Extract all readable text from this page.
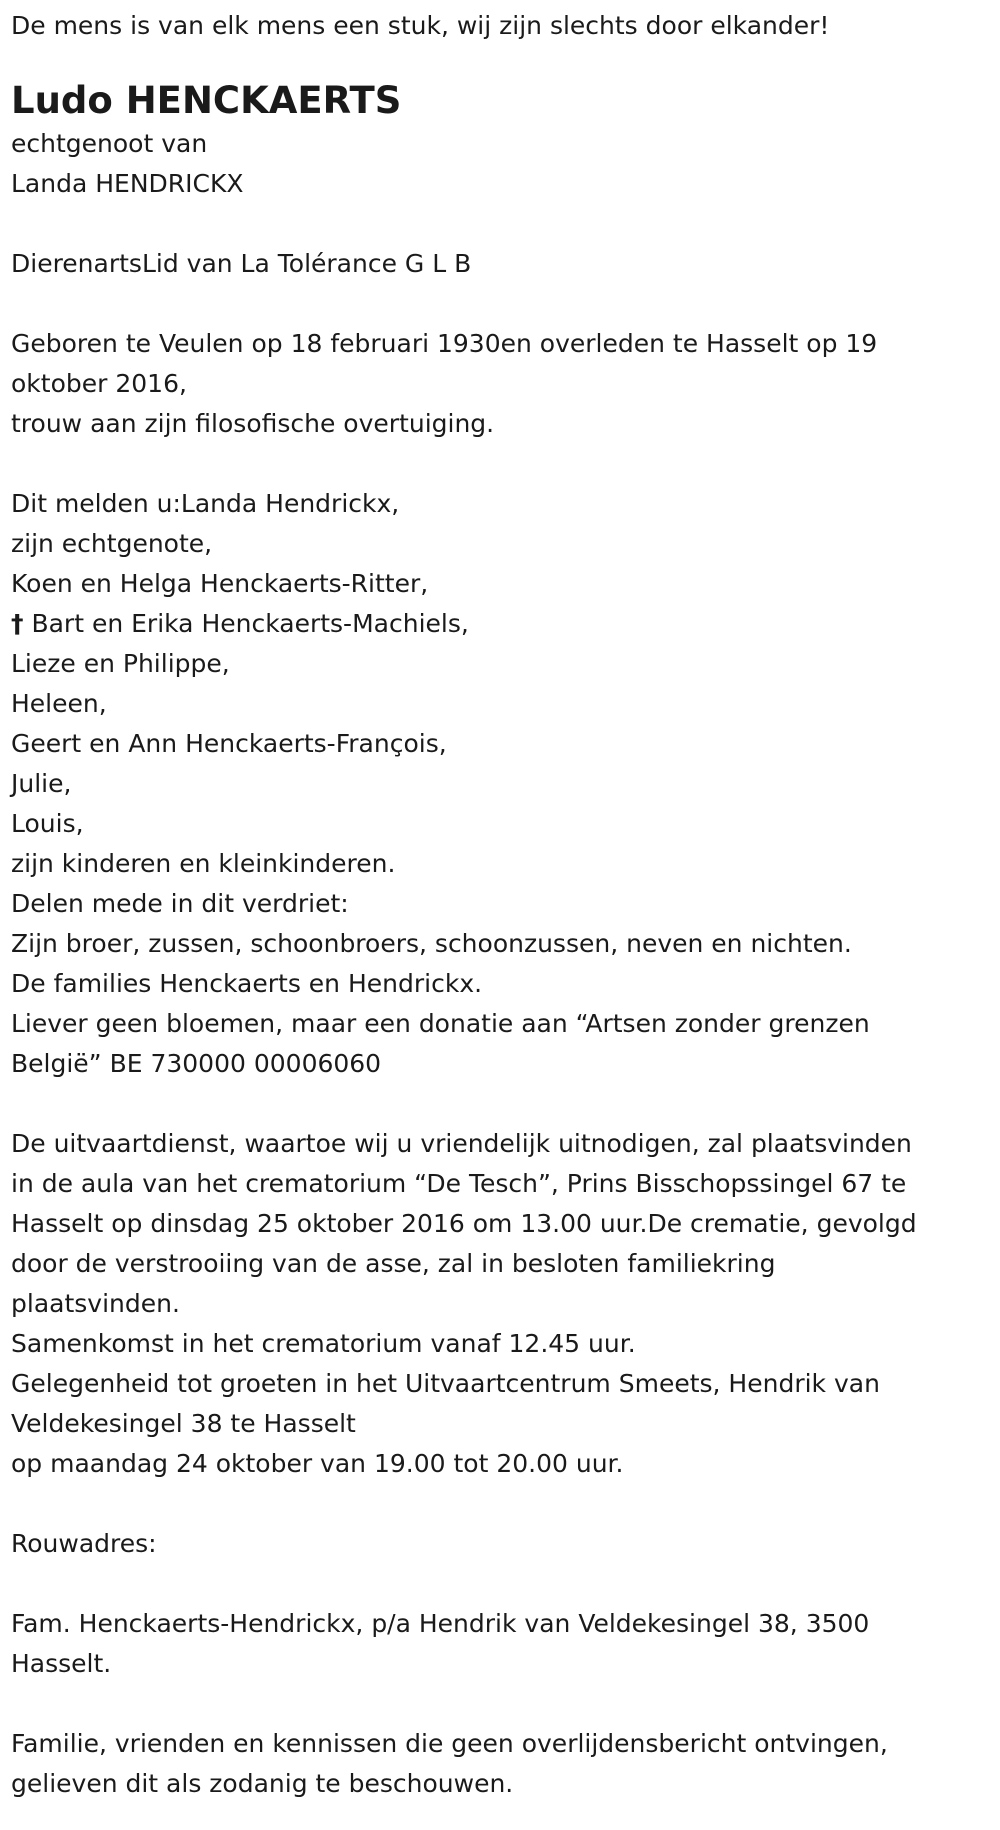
De mens is van elk mens een stuk, wij zijn slechts door elkander!

Ludo HENCKAERTS

echtgenoot van

Landa HENDRICKX

DierenartsLid van La Tolérance G L B

Geboren te Veulen op 18 februari 1930en overleden te Hasselt op 19

oktober 2016,

trouw aan zijn filosofische overtuiging.

Dit melden u:Landa Hendrickx,

zijn echtgenote,

Koen en Helga Henckaerts-Ritter,

† Bart en Erika Henckaerts-Machiels,

Lieze en Philippe,

Heleen,

Geert en Ann Henckaerts-François,

Julie,

Louis,

zijn kinderen en kleinkinderen.

Delen mede in dit verdriet:

Zijn broer, zussen, schoonbroers, schoonzussen, neven en nichten.

De families Henckaerts en Hendrickx.

Liever geen bloemen, maar een donatie aan “Artsen zonder grenzen

België” BE 730000 00006060

De uitvaartdienst, waartoe wij u vriendelijk uitnodigen, zal plaatsvinden

in de aula van het crematorium “De Tesch”, Prins Bisschopssingel 67 te

Hasselt op dinsdag 25 oktober 2016 om 13.00 uur.De crematie, gevolgd

door de verstrooiing van de asse, zal in besloten familiekring

plaatsvinden.

Samenkomst in het crematorium vanaf 12.45 uur.

Gelegenheid tot groeten in het Uitvaartcentrum Smeets, Hendrik van

Veldekesingel 38 te Hasselt

op maandag 24 oktober van 19.00 tot 20.00 uur.

Rouwadres:

Fam. Henckaerts-Hendrickx, p/a Hendrik van Veldekesingel 38, 3500

Hasselt.

Familie, vrienden en kennissen die geen overlijdensbericht ontvingen,

gelieven dit als zodanig te beschouwen.
